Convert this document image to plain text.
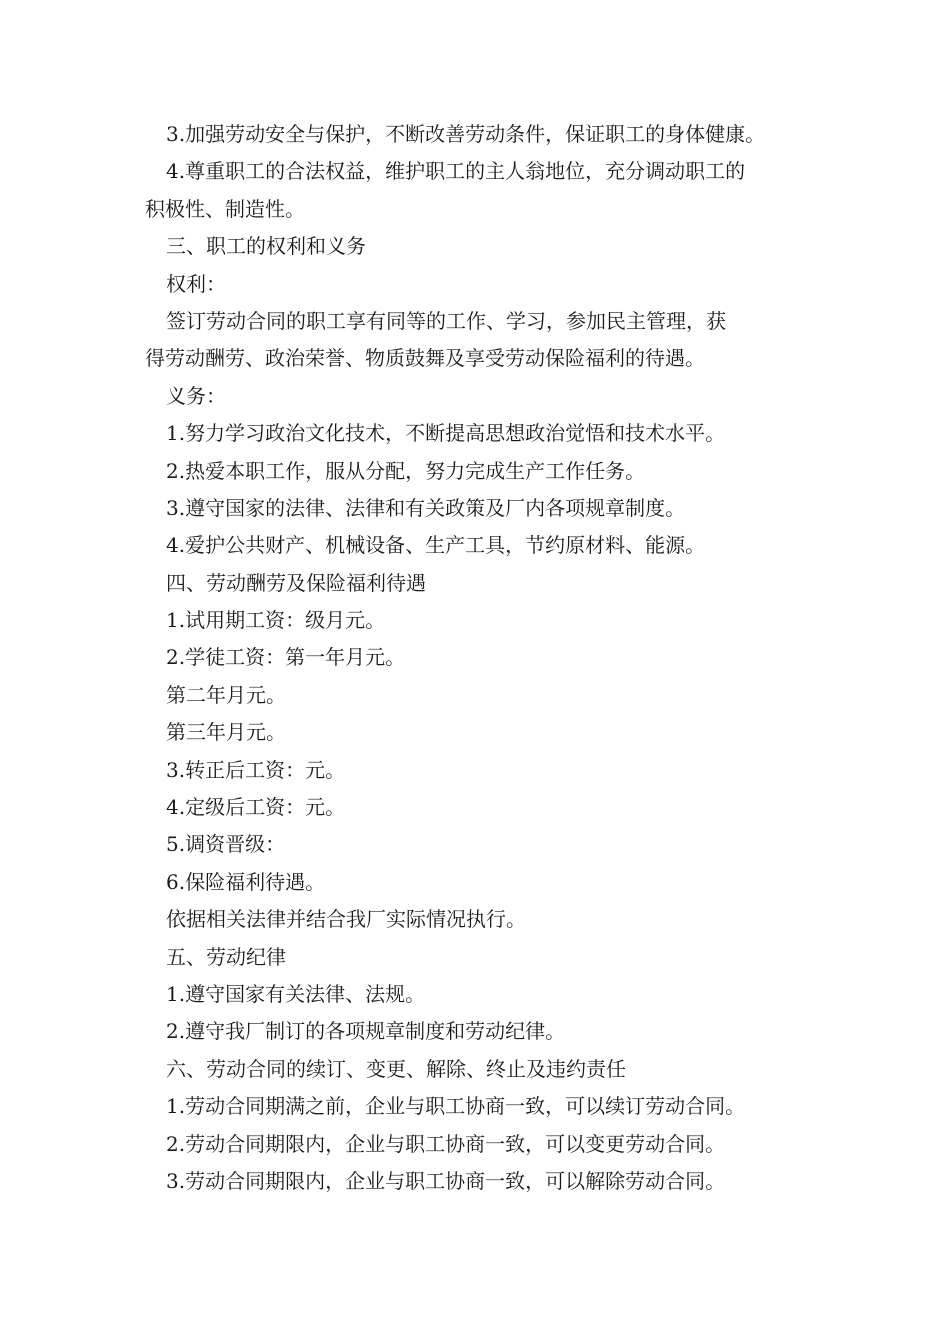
3.加强劳动安全与保护，不断改善劳动条件，保证职工的身体健康。
4.尊重职工的合法权益，维护职工的主人翁地位，充分调动职工的
积极性、制造性。
三、职工的权利和义务
权利：
签订劳动合同的职工享有同等的工作、学习，参加民主管理，获
得劳动酬劳、政治荣誉、物质鼓舞及享受劳动保险福利的待遇。
义务：
1.努力学习政治文化技术，不断提高思想政治觉悟和技术水平。
2.热爱本职工作，服从分配，努力完成生产工作任务。
3.遵守国家的法律、法律和有关政策及厂内各项规章制度。
4.爱护公共财产、机械设备、生产工具，节约原材料、能源。
四、劳动酬劳及保险福利待遇
1.试用期工资：级月元。
2.学徒工资：第一年月元。
第二年月元。
第三年月元。
3.转正后工资：元。
4.定级后工资：元。
5.调资晋级：
6.保险福利待遇。
依据相关法律并结合我厂实际情况执行。
五、劳动纪律
1.遵守国家有关法律、法规。
2.遵守我厂制订的各项规章制度和劳动纪律。
六、劳动合同的续订、变更、解除、终止及违约责任
1.劳动合同期满之前，企业与职工协商一致，可以续订劳动合同。
2.劳动合同期限内，企业与职工协商一致，可以变更劳动合同。
3.劳动合同期限内，企业与职工协商一致，可以解除劳动合同。
